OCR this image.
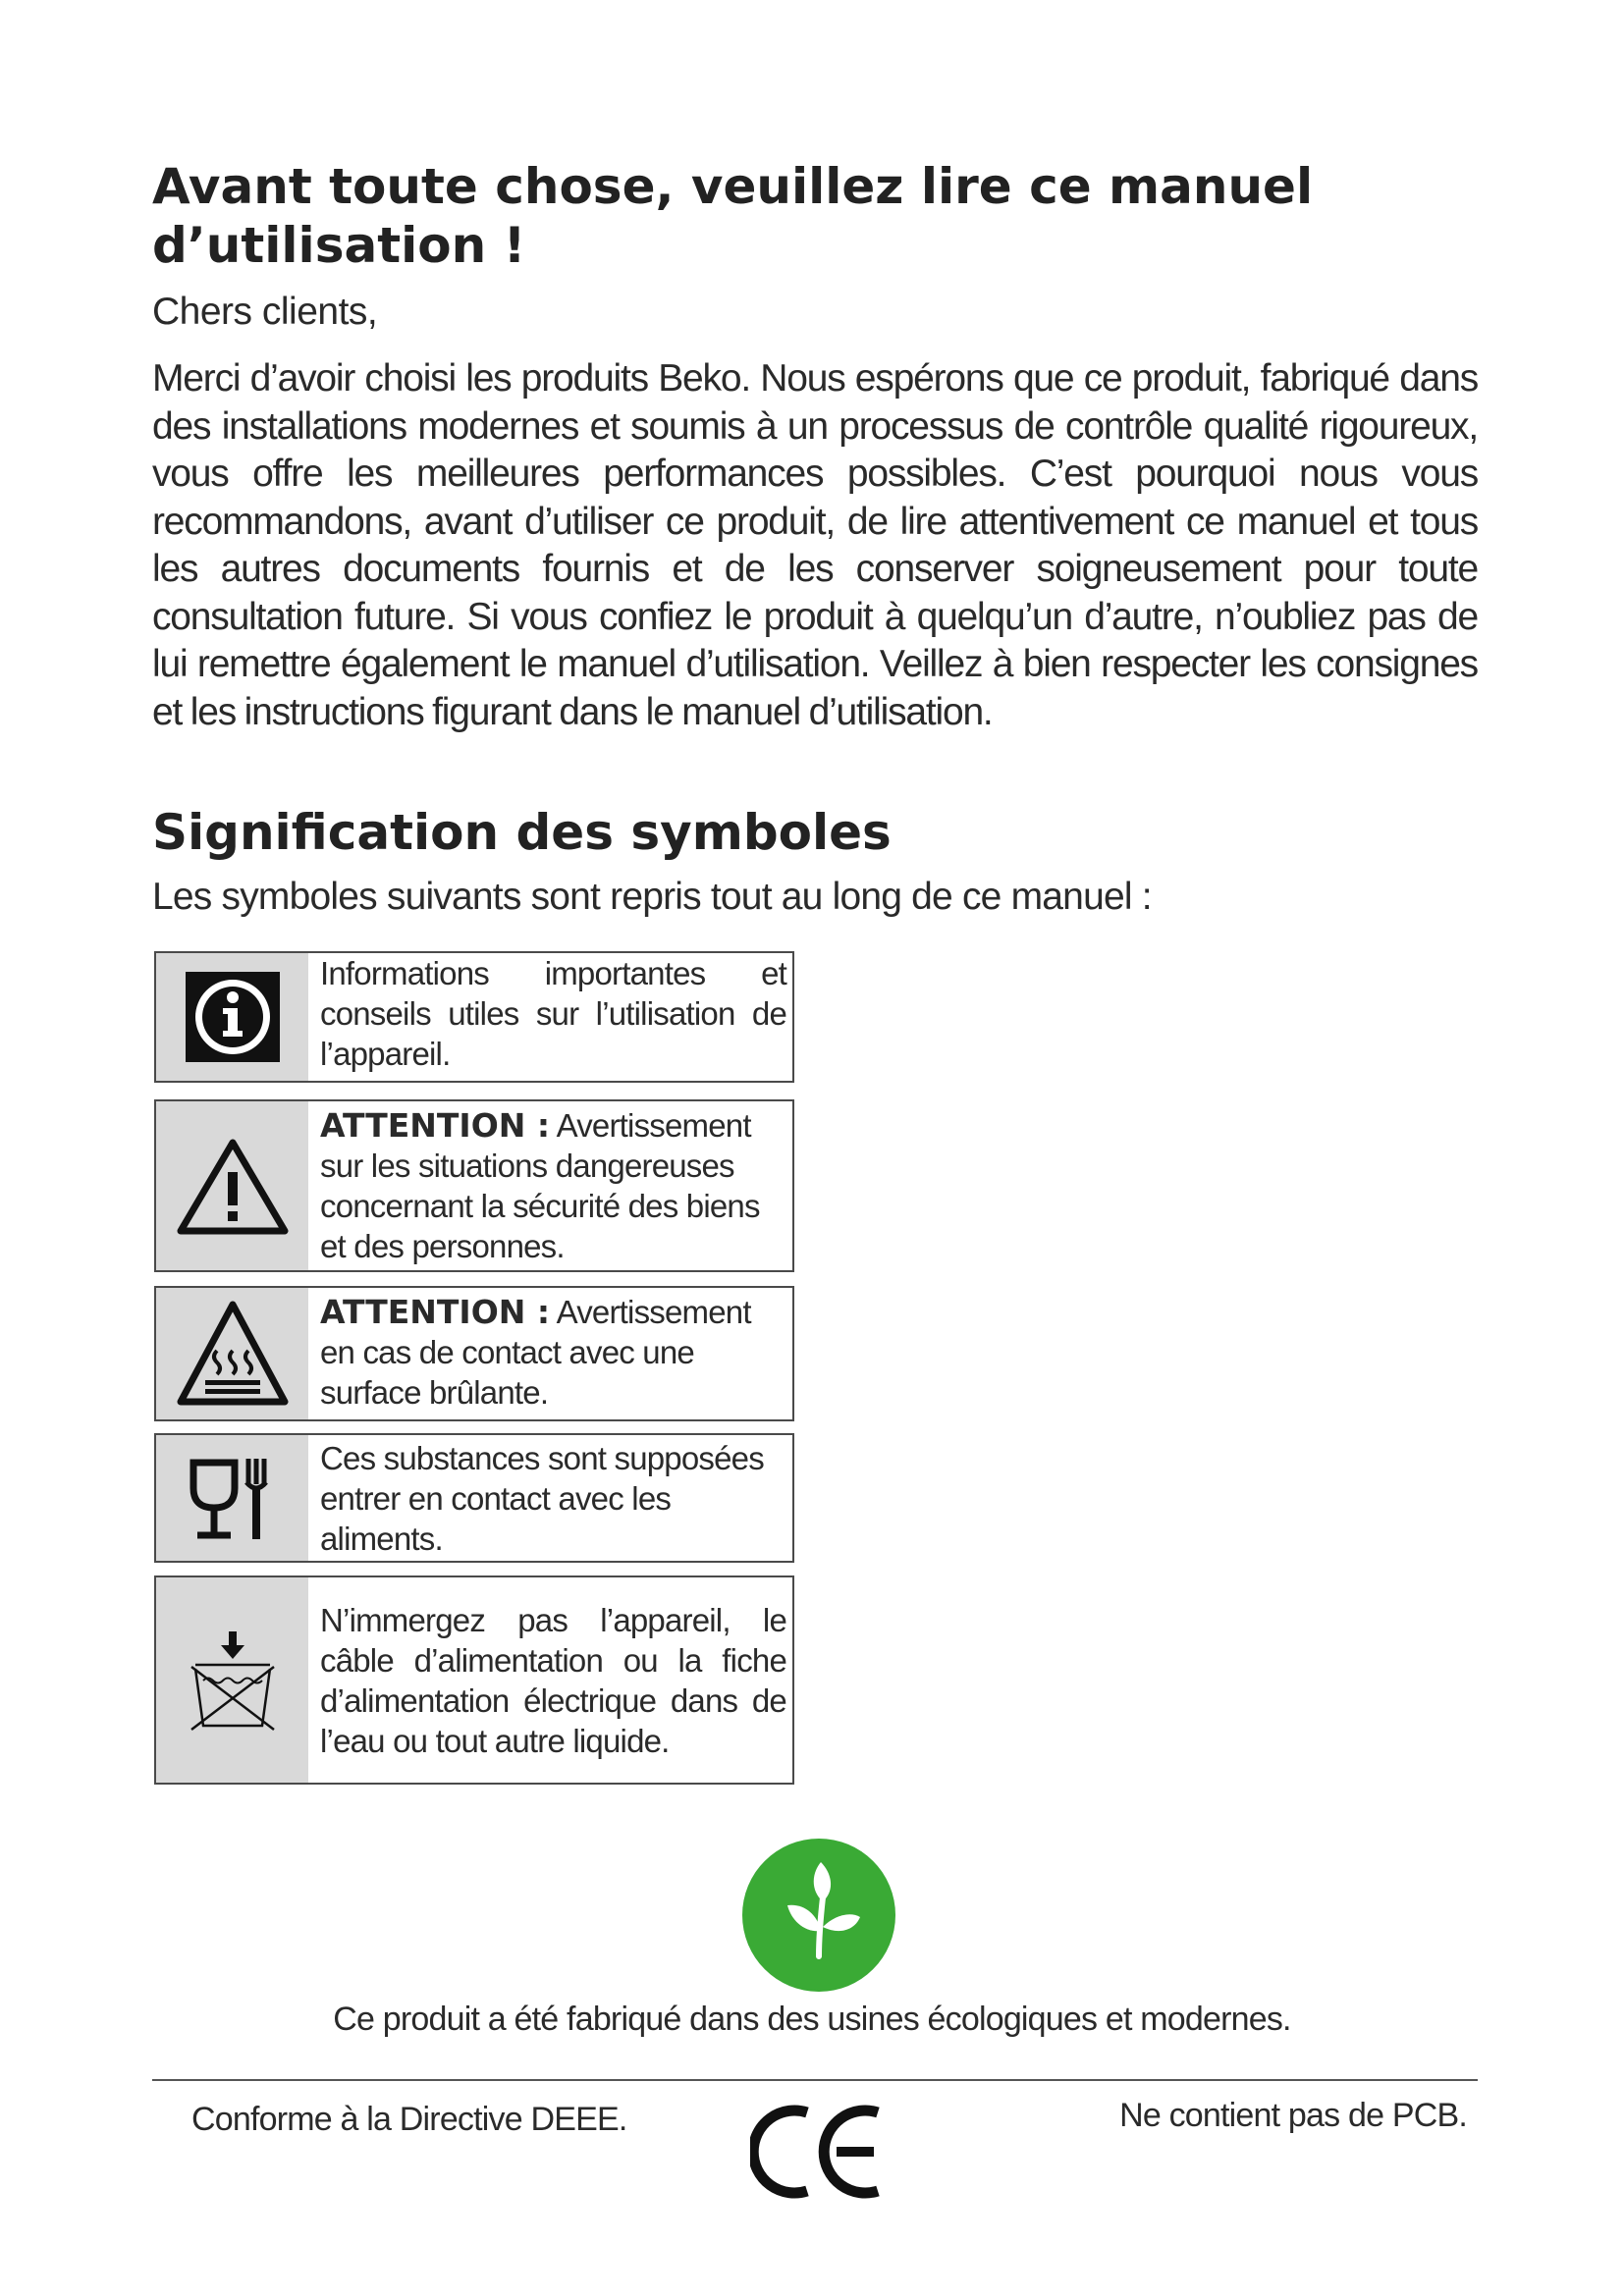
Avant toute chose, veuillez lire ce manuel d’utilisation !

Chers clients,

Merci d’avoir choisi les produits Beko. Nous espérons que ce produit, fabriqué dans des installations modernes et soumis à un processus de contrôle qualité rigoureux, vous offre les meilleures performances possibles. C’est pourquoi nous vous recommandons, avant d’utiliser ce produit, de lire attentivement ce manuel et tous les autres documents fournis et de les conserver soigneusement pour toute consultation future. Si vous confiez le produit à quelqu’un d’autre, n’oubliez pas de lui remettre également le manuel d’utilisation. Veillez à bien respecter les consignes et les instructions figurant dans le manuel d’utilisation.

Signification des symboles

Les symboles suivants sont repris tout au long de ce manuel :

Informations importantes et conseils utiles sur l’utilisation de l’appareil.
ATTENTION : Avertissement sur les situations dangereuses concernant la sécurité des biens et des personnes.
ATTENTION : Avertissement en cas de contact avec une surface brûlante.
Ces substances sont supposées entrer en contact avec les aliments.
N’immergez pas l’appareil, le câble d’alimentation ou la fiche d’alimentation électrique dans de l’eau ou tout autre liquide.

Ce produit a été fabriqué dans des usines écologiques et modernes.

Conforme à la Directive DEEE.	Ne contient pas de PCB.
